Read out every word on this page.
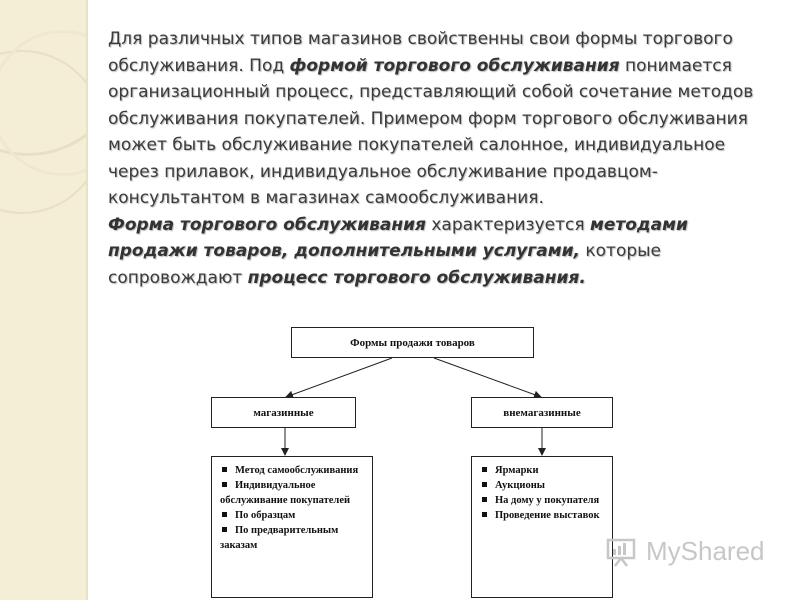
Для различных типов магазинов свойственны свои формы торгового обслуживания. Под формой торгового обслуживания понимается организационный процесс, представляющий собой сочетание методов обслуживания покупателей. Примером форм торгового обслуживания может быть обслуживание покупателей салонное, индивидуальное через прилавок, индивидуальное обслуживание продавцом-консультантом в магазинах самообслуживания.
Форма торгового обслуживания характеризуется методами продажи товаров, дополнительными услугами, которые сопровождают процесс торгового обслуживания.
Формы продажи товаров
магазинные	внемагазинные
Метод самообслуживания
Индивидуальное обслуживание покупателей
По образцам
По предварительным заказам
Ярмарки
Аукционы
На дому у покупателя
Проведение выставок
MyShared
